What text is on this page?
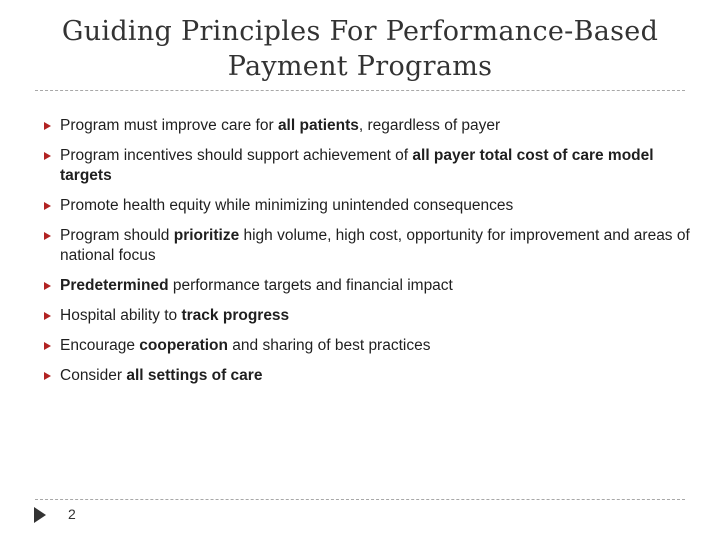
Guiding Principles For Performance-Based
Payment Programs
Program must improve care for all patients, regardless of payer
Program incentives should support achievement of all payer total cost of care model targets
Promote health equity while minimizing unintended consequences
Program should prioritize high volume, high cost, opportunity for improvement and areas of national focus
Predetermined performance targets and financial impact
Hospital ability to track progress
Encourage cooperation and sharing of best practices
Consider all settings of care
2
